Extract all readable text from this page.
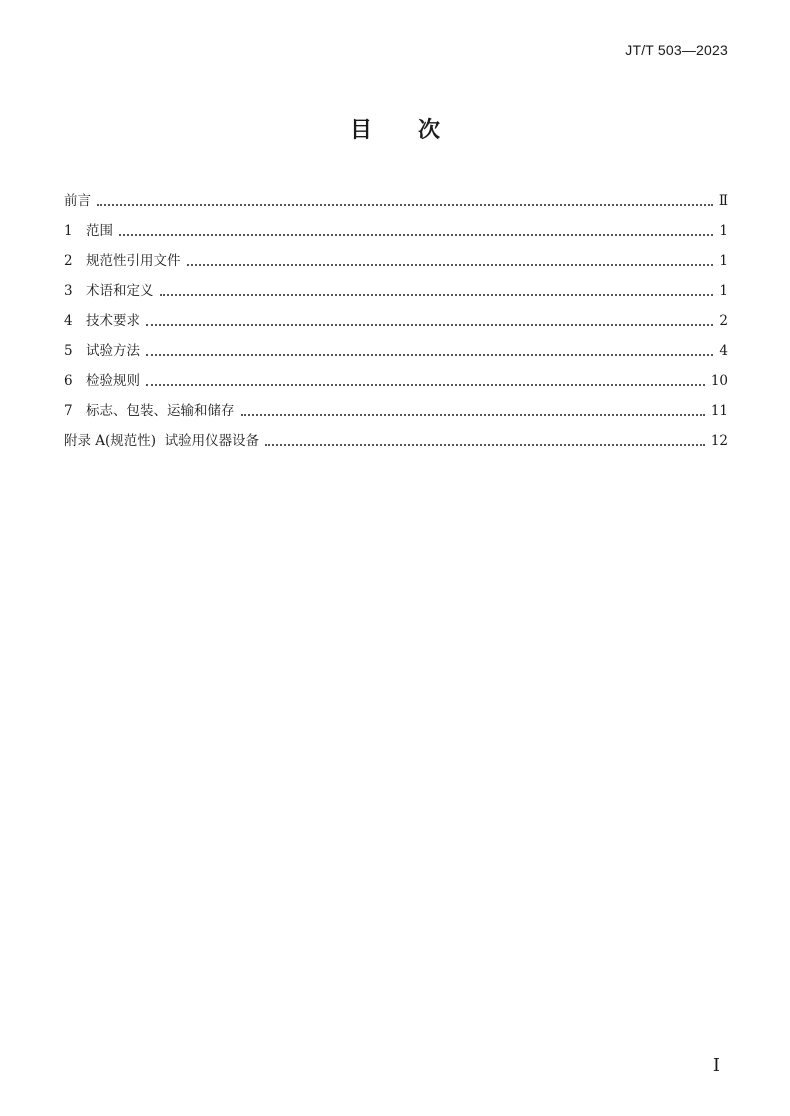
JT/T 503—2023
目 次
前言	Ⅱ
1 范围	1
2 规范性引用文件	1
3 术语和定义	1
4 技术要求	2
5 试验方法	4
6 检验规则	10
7 标志、包装、运输和储存	11
附录 A(规范性)  试验用仪器设备	12
I
